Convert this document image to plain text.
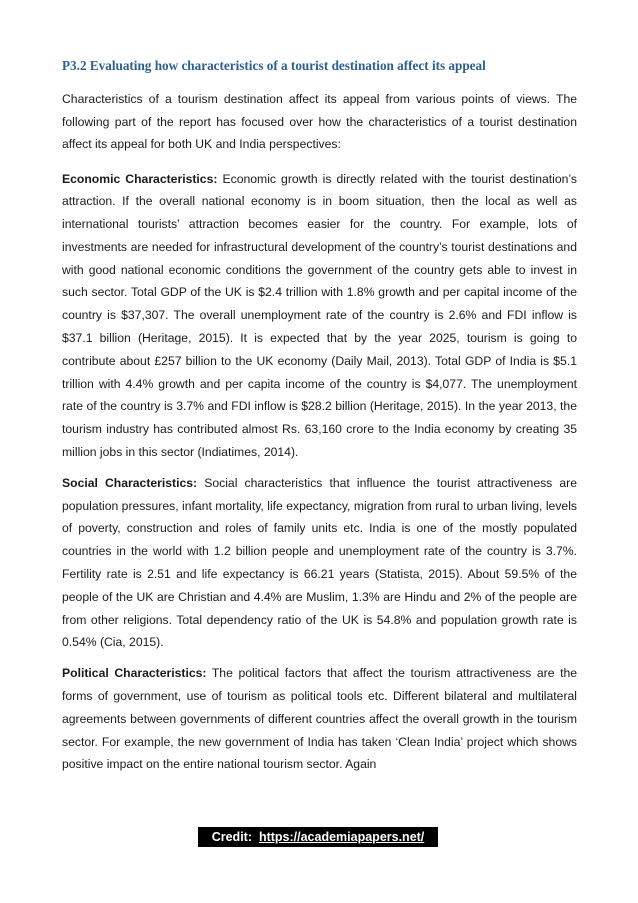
P3.2 Evaluating how characteristics of a tourist destination affect its appeal

Characteristics of a tourism destination affect its appeal from various points of views. The following part of the report has focused over how the characteristics of a tourist destination affect its appeal for both UK and India perspectives:

Economic Characteristics: Economic growth is directly related with the tourist destination’s attraction. If the overall national economy is in boom situation, then the local as well as international tourists’ attraction becomes easier for the country. For example, lots of investments are needed for infrastructural development of the country’s tourist destinations and with good national economic conditions the government of the country gets able to invest in such sector. Total GDP of the UK is $2.4 trillion with 1.8% growth and per capital income of the country is $37,307. The overall unemployment rate of the country is 2.6% and FDI inflow is $37.1 billion (Heritage, 2015). It is expected that by the year 2025, tourism is going to contribute about £257 billion to the UK economy (Daily Mail, 2013). Total GDP of India is $5.1 trillion with 4.4% growth and per capita income of the country is $4,077. The unemployment rate of the country is 3.7% and FDI inflow is $28.2 billion (Heritage, 2015). In the year 2013, the tourism industry has contributed almost Rs. 63,160 crore to the India economy by creating 35 million jobs in this sector (Indiatimes, 2014).

Social Characteristics: Social characteristics that influence the tourist attractiveness are population pressures, infant mortality, life expectancy, migration from rural to urban living, levels of poverty, construction and roles of family units etc. India is one of the mostly populated countries in the world with 1.2 billion people and unemployment rate of the country is 3.7%. Fertility rate is 2.51 and life expectancy is 66.21 years (Statista, 2015). About 59.5% of the people of the UK are Christian and 4.4% are Muslim, 1.3% are Hindu and 2% of the people are from other religions. Total dependency ratio of the UK is 54.8% and population growth rate is 0.54% (Cia, 2015).

Political Characteristics: The political factors that affect the tourism attractiveness are the forms of government, use of tourism as political tools etc. Different bilateral and multilateral agreements between governments of different countries affect the overall growth in the tourism sector. For example, the new government of India has taken ‘Clean India’ project which shows positive impact on the entire national tourism sector. Again

Credit: https://academiapapers.net/
